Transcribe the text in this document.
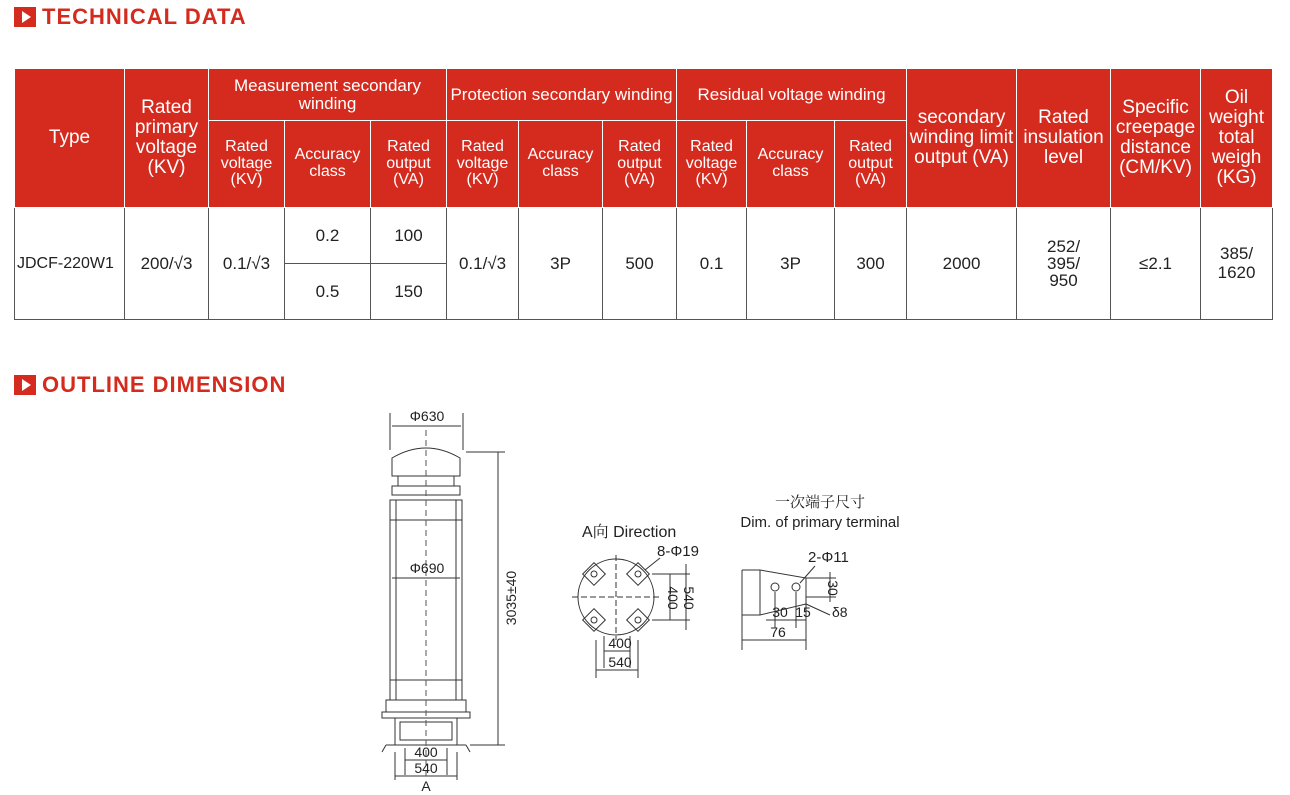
TECHNICAL DATA
Type	Rated primary voltage (KV)	Measurement secondary winding			Protection secondary winding			Residual voltage winding			secondary winding limit output (VA)	Rated insulation level	Specific creepage distance (CM/KV)	Oil weight total weigh (KG)
		Rated voltage (KV)	Accuracy class	Rated output (VA)	Rated voltage (KV)	Accuracy class	Rated output (VA)	Rated voltage (KV)	Accuracy class	Rated output (VA)				
JDCF-220W1	200/√3	0.1/√3	0.2	100	0.1/√3	3P	500	0.1	3P	300	2000	252/ 395/ 950	≤2.1	385/ 1620
			0.5	150										
OUTLINE DIMENSION
Φ630
Φ690
3035±40
400
540
A
A向 Direction
8-Φ19
400 540
400
540
一次端子尺寸
Dim. of primary terminal
2-Φ11
30
30 15
76
δ8
